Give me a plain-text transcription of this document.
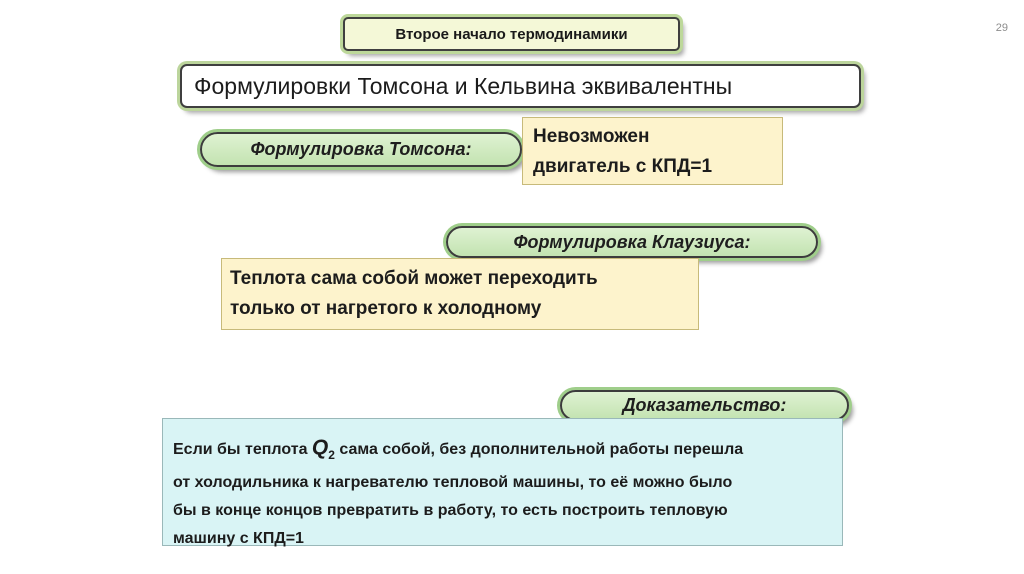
29
Второе начало термодинамики
Формулировки Томсона и Кельвина эквивалентны
Формулировка Томсона:
Невозможен
двигатель с КПД=1
Формулировка Клаузиуса:
Теплота сама собой может переходить
только от нагретого к холодному
Доказательство:
Если бы теплота $Q_2$ сама собой, без дополнительной работы перешла
от холодильника к нагревателю тепловой машины, то её можно было
бы в конце концов превратить в работу, то есть построить тепловую
машину с КПД=1
